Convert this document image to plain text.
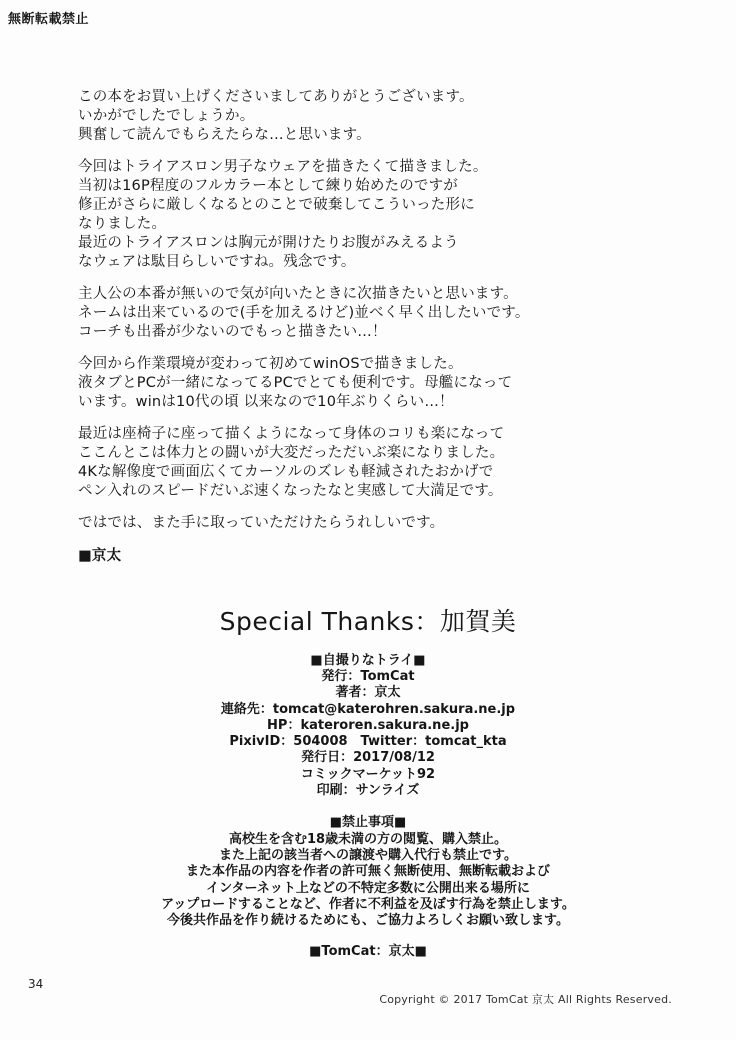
無断転載禁止
この本をお買い上げくださいましてありがとうございます。
いかがでしたでしょうか。
興奮して読んでもらえたらな…と思います。
今回はトライアスロン男子なウェアを描きたくて描きました。
当初は16P程度のフルカラー本として練り始めたのですが
修正がさらに厳しくなるとのことで破棄してこういった形に
なりました。
最近のトライアスロンは胸元が開けたりお腹がみえるよう
なウェアは駄目らしいですね。残念です。
主人公の本番が無いので気が向いたときに次描きたいと思います。
ネームは出来ているので(手を加えるけど)並べく早く出したいです。
コーチも出番が少ないのでもっと描きたい…！
今回から作業環境が変わって初めてwinOSで描きました。
液タブとPCが一緒になってるPCでとても便利です。母艦になって
います。winは10代の頃 以来なので10年ぶりくらい…！
最近は座椅子に座って描くようになって身体のコリも楽になって
ここんとこは体力との闘いが大変だっただいぶ楽になりました。
4Kな解像度で画面広くてカーソルのズレも軽減されたおかげで
ペン入れのスピードだいぶ速くなったなと実感して大満足です。
ではでは、また手に取っていただけたらうれしいです。
■京太
Special Thanks：加賀美
■自撮りなトライ■
発行：TomCat
著者：京太
連絡先：tomcat@katerohren.sakura.ne.jp
HP：kateroren.sakura.ne.jp
PixivID：504008　Twitter：tomcat_kta
発行日：2017/08/12
コミックマーケット92
印刷：サンライズ
■禁止事項■
高校生を含む18歳未満の方の閲覧、購入禁止。
また上記の該当者への譲渡や購入代行も禁止です。
また本作品の内容を作者の許可無く無断使用、無断転載および
インターネット上などの不特定多数に公開出来る場所に
アップロードすることなど、作者に不利益を及ぼす行為を禁止します。
今後共作品を作り続けるためにも、ご協力よろしくお願い致します。
■TomCat：京太■
34
Copyright © 2017 TomCat 京太 All Rights Reserved.
